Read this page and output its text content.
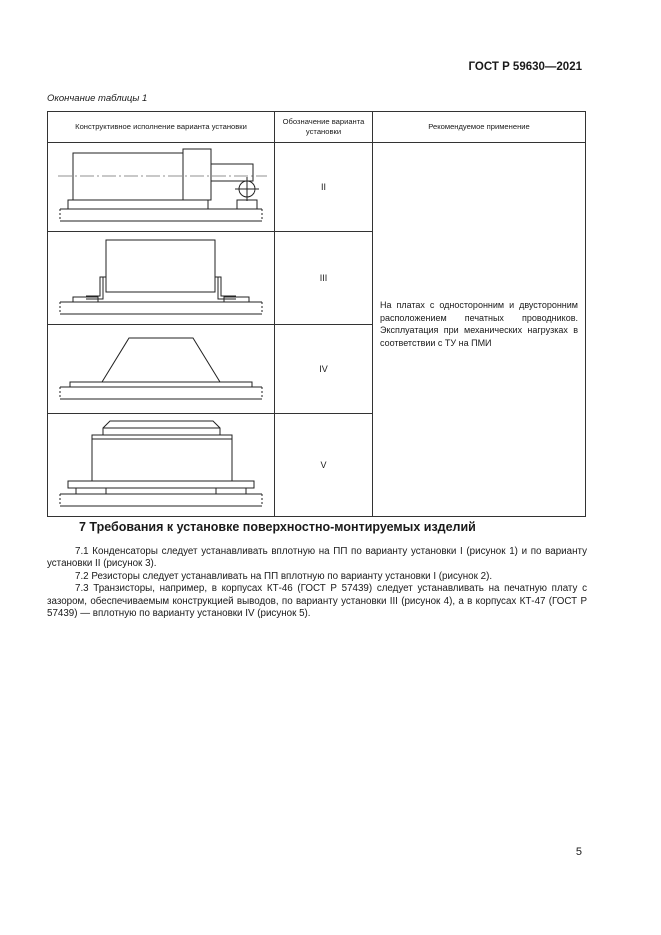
ГОСТ Р 59630—2021
Окончание таблицы 1
Конструктивное исполнение варианта установки	Обозначение варианта установки	Рекомендуемое применение

	II	На платах с односторонним и двусторонним расположением печатных проводников. Эксплуатация при механических нагрузках в соответствии с ТУ на ПМИ

	III	

	IV	

	V	
7 Требования к установке поверхностно-монтируемых изделий

7.1 Конденсаторы следует устанавливать вплотную на ПП по варианту установки I (рисунок 1) и по варианту установки II (рисунок 3).

7.2 Резисторы следует устанавливать на ПП вплотную по варианту установки I (рисунок 2).

7.3 Транзисторы, например, в корпусах КТ-46 (ГОСТ Р 57439) следует устанавливать на печатную плату с зазором, обеспечиваемым конструкцией выводов, по варианту установки III (рисунок 4), а в корпусах КТ-47 (ГОСТ Р 57439) — вплотную по варианту установки IV (рисунок 5).

5
